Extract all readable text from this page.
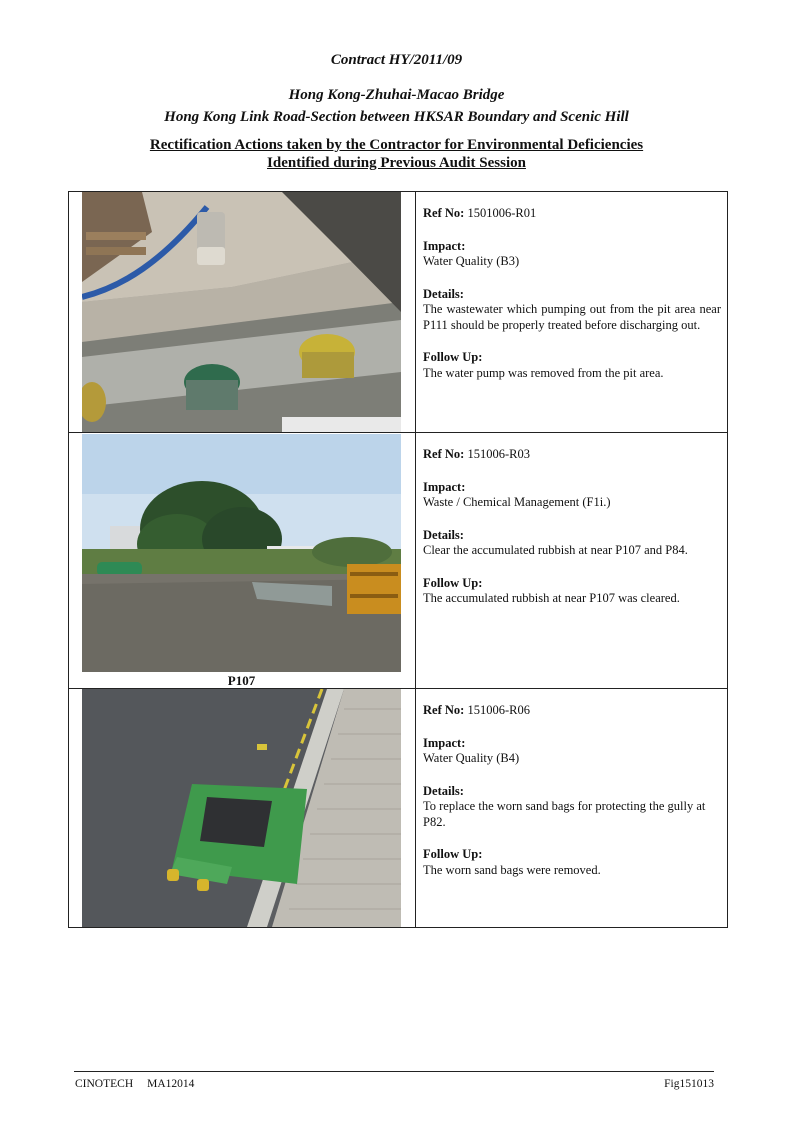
Contract HY/2011/09
Hong Kong-Zhuhai-Macao Bridge
Hong Kong Link Road-Section between HKSAR Boundary and Scenic Hill
Rectification Actions taken by the Contractor for Environmental Deficiencies
Identified during Previous Audit Session

Ref No: 1501006-R01

Impact:
Water Quality (B3)

Details:
The wastewater which pumping out from the pit area near P111 should be properly treated before discharging out.

Follow Up:
The water pump was removed from the pit area.

P107

Ref No: 151006-R03

Impact:
Waste / Chemical Management (F1i.)

Details:
Clear the accumulated rubbish at near P107 and P84.

Follow Up:
The accumulated rubbish at near P107 was cleared.

Ref No: 151006-R06

Impact:
Water Quality (B4)

Details:
To replace the worn sand bags for protecting the gully at P82.

Follow Up:
The worn sand bags were removed.

CINOTECH MA12014	Fig151013
